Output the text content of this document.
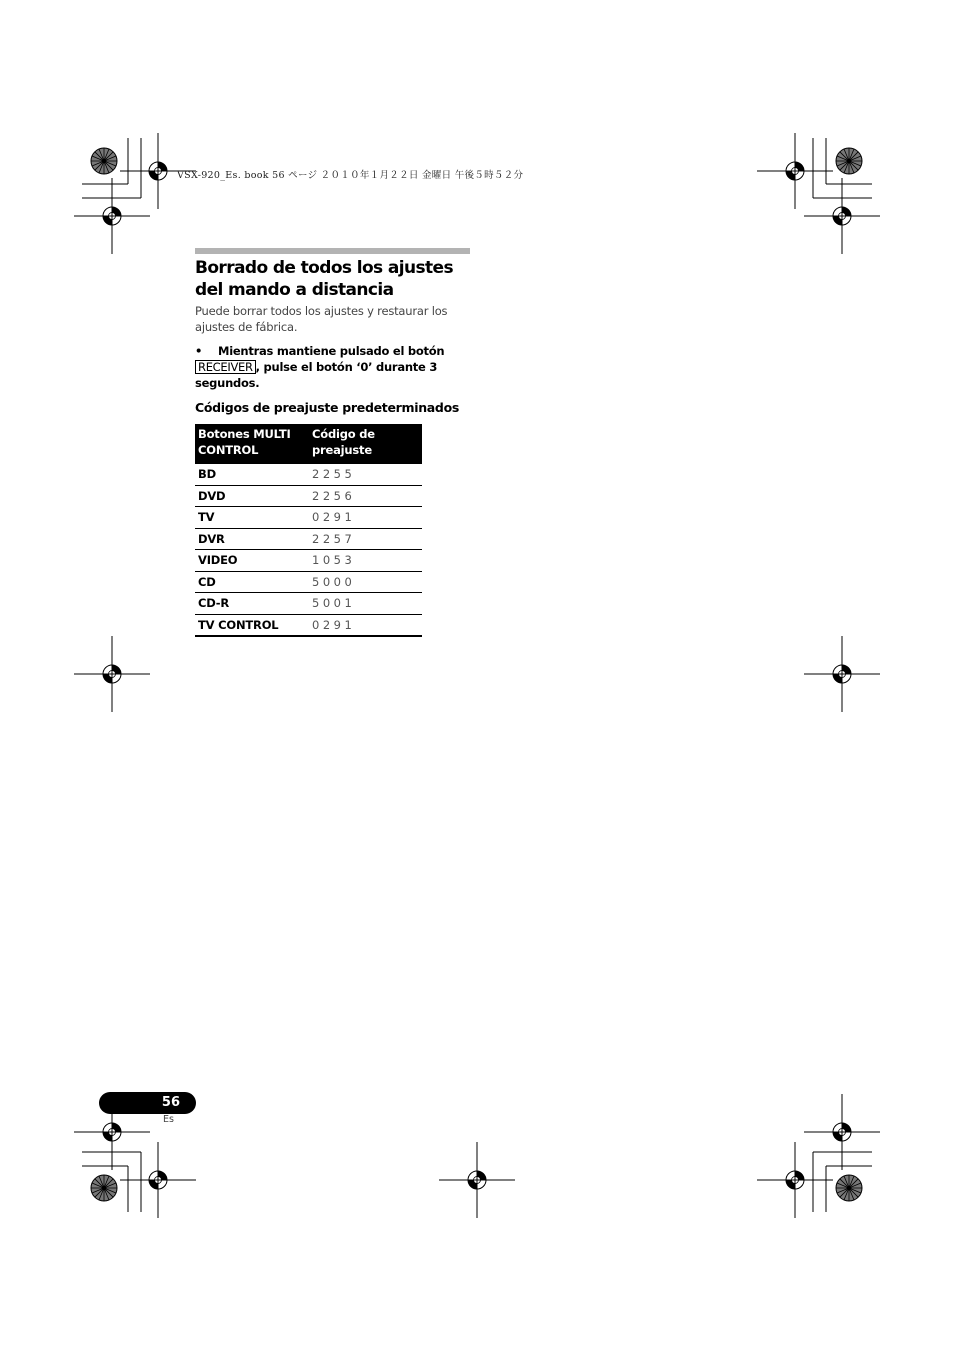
VSX-920_Es. book 56 ページ ２０１０年１月２２日 金曜日 午後５時５２分
Borrado de todos los ajustes del mando a distancia

Puede borrar todos los ajustes y restaurar los ajustes de fábrica.

• Mientras mantiene pulsado el botón
RECEIVER , pulse el botón ‘0’ durante 3 segundos.

Códigos de preajuste predeterminados
Botones MULTI CONTROL	Código de preajuste
BD	2255
DVD	2256
TV	0291
DVR	2257
VIDEO	1053
CD	5000
CD-R	5001
TV CONTROL	0291
56
Es
